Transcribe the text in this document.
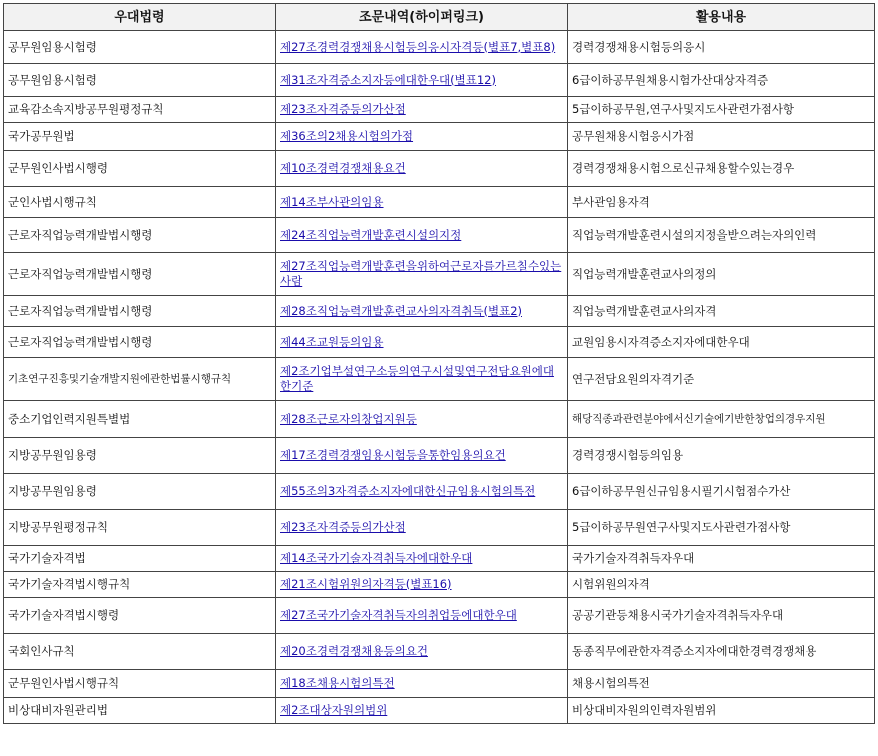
우대법령	조문내역(하이퍼링크)	활용내용
공무원임용시험령	제27조경력경쟁채용시험등의응시자격등(별표7,별표8)	경력경쟁채용시험등의응시
공무원임용시험령	제31조자격증소지자등에대한우대(별표12)	6급이하공무원채용시험가산대상자격증
교육감소속지방공무원평정규칙	제23조자격증등의가산점	5급이하공무원,연구사및지도사관련가점사항
국가공무원법	제36조의2채용시험의가점	공무원채용시험응시가점
군무원인사법시행령	제10조경력경쟁채용요건	경력경쟁채용시험으로신규채용할수있는경우
군인사법시행규칙	제14조부사관의임용	부사관임용자격
근로자직업능력개발법시행령	제24조직업능력개발훈련시설의지정	직업능력개발훈련시설의지정을받으려는자의인력
근로자직업능력개발법시행령	제27조직업능력개발훈련을위하여근로자를가르칠수있는사람	직업능력개발훈련교사의정의
근로자직업능력개발법시행령	제28조직업능력개발훈련교사의자격취득(별표2)	직업능력개발훈련교사의자격
근로자직업능력개발법시행령	제44조교원등의임용	교원임용시자격증소지자에대한우대
기초연구진흥및기술개발지원에관한법률시행규칙	제2조기업부설연구소등의연구시설및연구전담요원에대한기준	연구전담요원의자격기준
중소기업인력지원특별법	제28조근로자의창업지원등	해당직종과관련분야에서신기술에기반한창업의경우지원
지방공무원임용령	제17조경력경쟁임용시험등을통한임용의요건	경력경쟁시험등의임용
지방공무원임용령	제55조의3자격증소지자에대한신규임용시험의특전	6급이하공무원신규임용시필기시험점수가산
지방공무원평정규칙	제23조자격증등의가산점	5급이하공무원연구사및지도사관련가점사항
국가기술자격법	제14조국가기술자격취득자에대한우대	국가기술자격취득자우대
국가기술자격법시행규칙	제21조시험위원의자격등(별표16)	시험위원의자격
국가기술자격법시행령	제27조국가기술자격취득자의취업등에대한우대	공공기관등채용시국가기술자격취득자우대
국회인사규칙	제20조경력경쟁채용등의요건	동종직무에관한자격증소지자에대한경력경쟁채용
군무원인사법시행규칙	제18조채용시험의특전	채용시험의특전
비상대비자원관리법	제2조대상자원의범위	비상대비자원의인력자원범위
